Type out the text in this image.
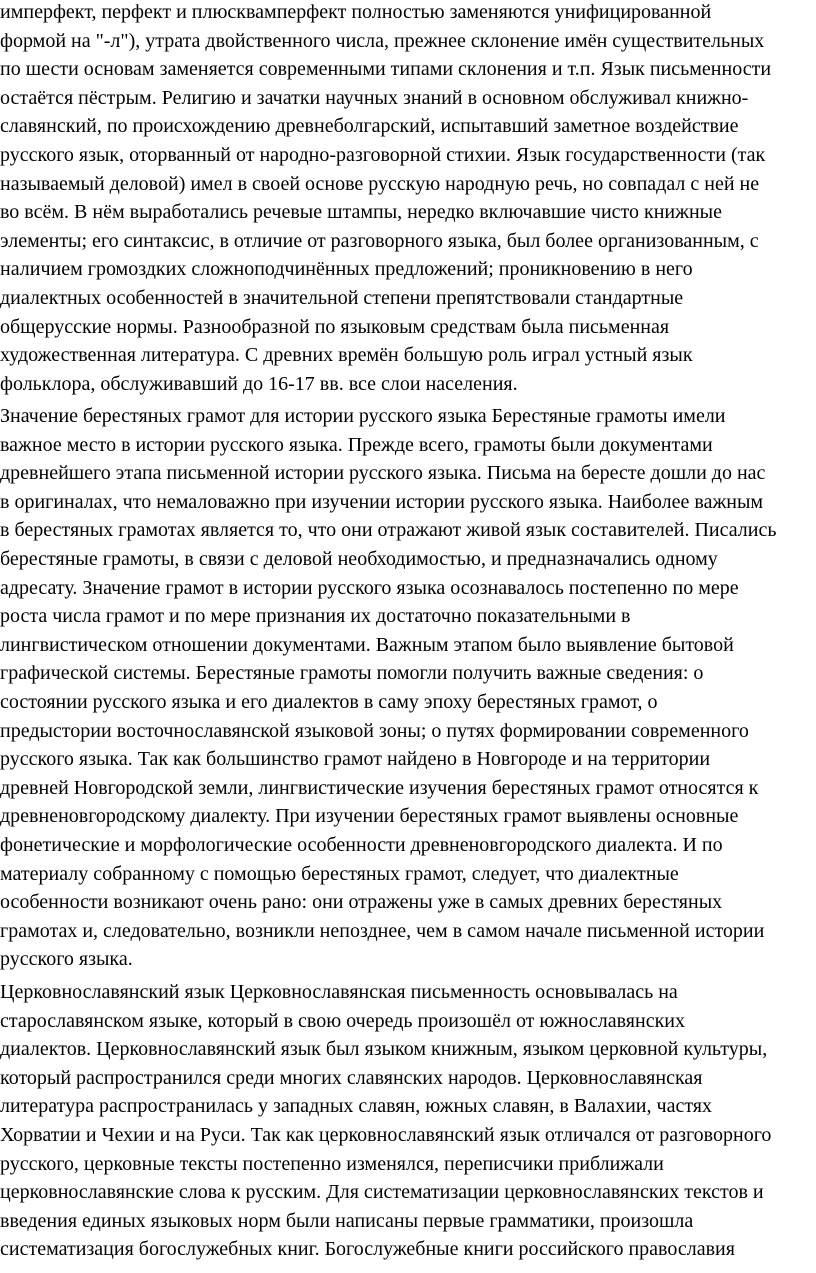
имперфект, перфект и плюсквамперфект полностью заменяются унифицированной
формой на "-л"), утрата двойственного числа, прежнее склонение имён существительных
по шести основам заменяется современными типами склонения и т.п. Язык письменности
остаётся пёстрым. Религию и зачатки научных знаний в основном обслуживал книжно-
славянский, по происхождению древнеболгарский, испытавший заметное воздействие
русского язык, оторванный от народно-разговорной стихии. Язык государственности (так
называемый деловой) имел в своей основе русскую народную речь, но совпадал с ней не
во всём. В нём выработались речевые штампы, нередко включавшие чисто книжные
элементы; его синтаксис, в отличие от разговорного языка, был более организованным, с
наличием громоздких сложноподчинённых предложений; проникновению в него
диалектных особенностей в значительной степени препятствовали стандартные
общерусские нормы. Разнообразной по языковым средствам была письменная
художественная литература. С древних времён большую роль играл устный язык
фольклора, обслуживавший до 16-17 вв. все слои населения.
Значение берестяных грамот для истории русского языка Берестяные грамоты имели
важное место в истории русского языка. Прежде всего, грамоты были документами
древнейшего этапа письменной истории русского языка. Письма на бересте дошли до нас
в оригиналах, что немаловажно при изучении истории русского языка. Наиболее важным
в берестяных грамотах является то, что они отражают живой язык составителей. Писались
берестяные грамоты, в связи с деловой необходимостью, и предназначались одному
адресату. Значение грамот в истории русского языка осознавалось постепенно по мере
роста числа грамот и по мере признания их достаточно показательными в
лингвистическом отношении документами. Важным этапом было выявление бытовой
графической системы. Берестяные грамоты помогли получить важные сведения: о
состоянии русского языка и его диалектов в саму эпоху берестяных грамот, о
предыстории восточнославянской языковой зоны; о путях формировании современного
русского языка. Так как большинство грамот найдено в Новгороде и на территории
древней Новгородской земли, лингвистические изучения берестяных грамот относятся к
древненовгородскому диалекту. При изучении берестяных грамот выявлены основные
фонетические и морфологические особенности древненовгородского диалекта. И по
материалу собранному с помощью берестяных грамот, следует, что диалектные
особенности возникают очень рано: они отражены уже в самых древних берестяных
грамотах и, следовательно, возникли непозднее, чем в самом начале письменной истории
русского языка.
Церковнославянский язык Церковнославянская письменность основывалась на
старославянском языке, который в свою очередь произошёл от южнославянских
диалектов. Церковнославянский язык был языком книжным, языком церковной культуры,
который распространился среди многих славянских народов. Церковнославянская
литература распространилась у западных славян, южных славян, в Валахии, частях
Хорватии и Чехии и на Руси. Так как церковнославянский язык отличался от разговорного
русского, церковные тексты постепенно изменялся, переписчики приближали
церковнославянские слова к русским. Для систематизации церковнославянских текстов и
введения единых языковых норм были написаны первые грамматики, произошла
систематизация богослужебных книг. Богослужебные книги российского православия
